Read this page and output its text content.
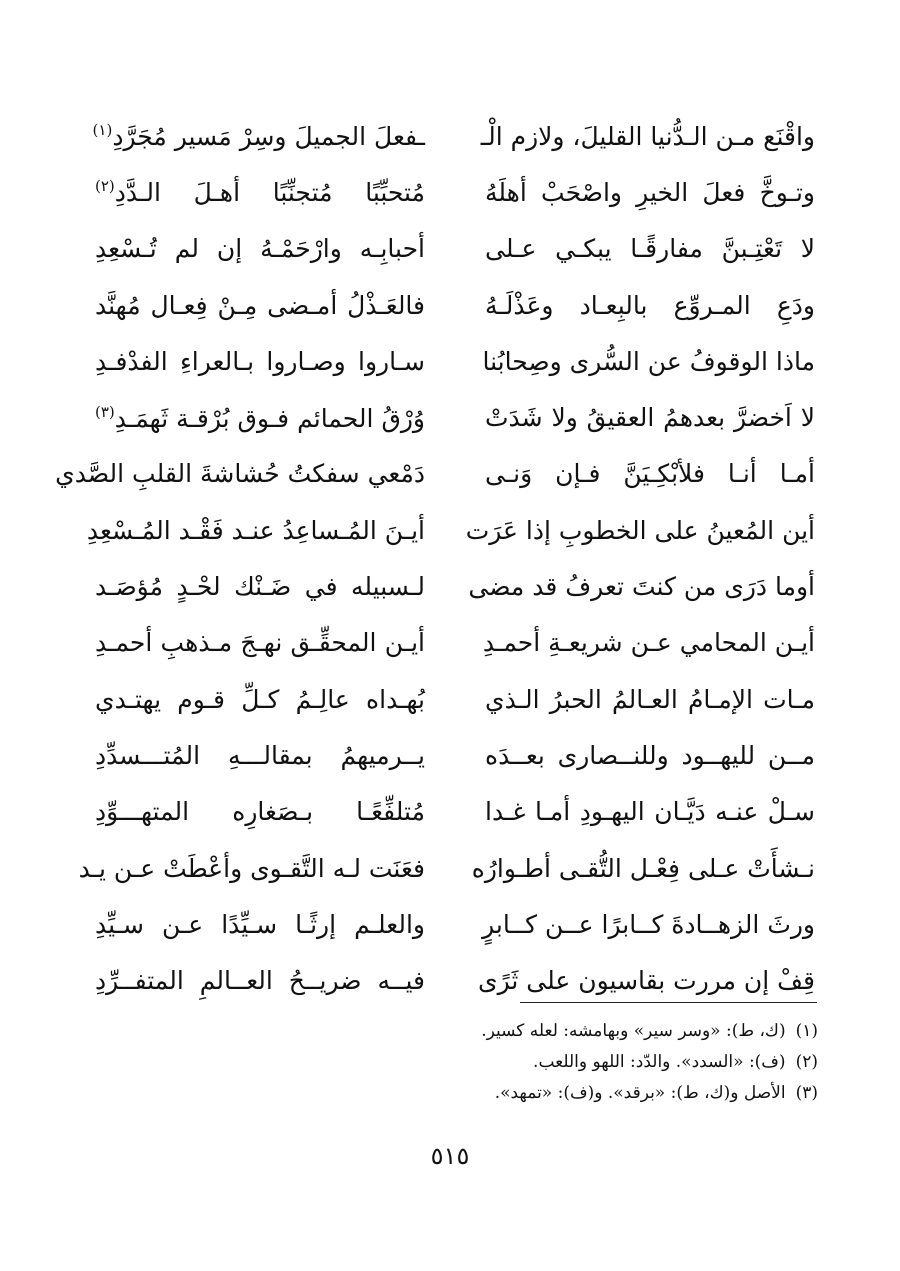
واقْنَع مـن الـدُّنيا القليلَ، ولازم الْـ
ـفعلَ الجميلَ وسِرْ مَسير مُجَرَّدِ$^{(١)}$
وتـوخَّ فعلَ الخيرِ واصْحَبْ أهلَهُ
مُتحبِّبًا مُتجنِّبًا أهـلَ الـدَّدِ$^{(٢)}$
لا تَعْتِـبنَّ مفارقًـا يبكـي عـلى
أحبابِـه وارْحَمْـهُ إن لم تُـسْعِدِ
ودَعِ المـروِّع بالبِعـاد وعَذْلَـهُ
فالعَـذْلُ أمـضى مِـنْ فِعـال مُهنَّد
ماذا الوقوفُ عن السُّرى وصِحابُنا
سـاروا وصـاروا بـالعراءِ الفدْفـدِ
لا اَخضرَّ بعدهمُ العقيقُ ولا شَدَتْ
وُرْقُ الحمائم فـوق بُرْقـة ثَهمَـدِ$^{(٣)}$
أمـا أنـا فلأبْكِـيَنَّ فـإن وَنـى
دَمْعي سفكتُ حُشاشةَ القلبِ الصَّدي
أين المُعينُ على الخطوبِ إذا عَرَت
أيـنَ المُـساعِدُ عنـد فَقْـد المُـسْعِدِ
أوما دَرَى من كنتَ تعرفُ قد مضى
لـسبيله في ضَـنْك لحْـدٍ مُؤصَـد
أيـن المحامي عـن شريعـةِ أحمـدِ
أيـن المحقِّـق نهـجَ مـذهبِ أحمـدِ
مـات الإمـامُ العـالمُ الحبرُ الـذي
بُهـداه عالِـمُ كـلِّ قـوم يهتـدي
مــن لليهــود وللنــصارى بعــدَه
يــرميهمُ بمقالـــهِ المُتـــسدِّدِ
سـلْ عنـه دَيَّـان اليهـودِ أمـا غـدا
مُتلفِّعًـا بـصَغارِه المتهـــوِّدِ
نـشأَتْ عـلى فِعْـل التُّقـى أطـوارُه
فعَنَت لـه التَّقـوى وأعْطَتْ عـن يـد
ورثَ الزهــادةَ كــابرًا عــن كــابرٍ
والعلـم إرثًـا سـيِّدًا عـن سـيِّدِ
قِفْ إن مررت بقاسيون على ثَرًى
فيــه ضريــحُ العــالمِ المتفــرِّدِ
(١)(ك، ط): «وسر سير» وبهامشه: لعله كسير.
(٢)(ف): «السدد». والدّد: اللهو واللعب.
(٣)الأصل و(ك، ط): «برقد». و(ف): «تمهد».
٥١٥
